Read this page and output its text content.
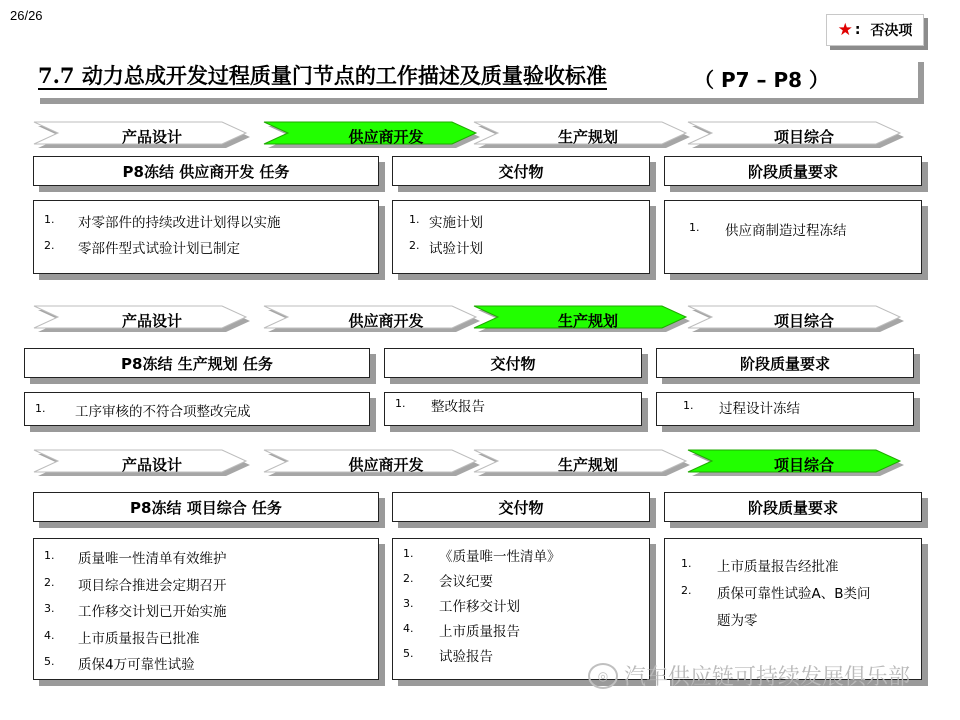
26/26
★ : 否决项
7.7 动力总成开发过程质量门节点的工作描述及质量验收标准	（ P7 – P8 ）
产品设计	供应商开发	生产规划	项目综合
P8冻结 供应商开发 任务	交付物	阶段质量要求
1. 对零部件的持续改进计划得以实施
2. 零部件型式试验计划已制定
1. 实施计划
2. 试验计划
1. 供应商制造过程冻结
产品设计	供应商开发	生产规划	项目综合
P8冻结 生产规划 任务	交付物	阶段质量要求
1. 工序审核的不符合项整改完成
1. 整改报告	1. 过程设计冻结
产品设计	供应商开发	生产规划	项目综合
P8冻结 项目综合 任务	交付物	阶段质量要求
1. 质量唯一性清单有效维护
2. 项目综合推进会定期召开
3. 工作移交计划已开始实施
4. 上市质量报告已批准
5. 质保4万可靠性试验
1. 《质量唯一性清单》
2. 会议纪要
3. 工作移交计划
4. 上市质量报告
5. 试验报告
1. 上市质量报告经批准
2. 质保可靠性试验A、B类问
题为零
◎ 汽车供应链可持续发展俱乐部
